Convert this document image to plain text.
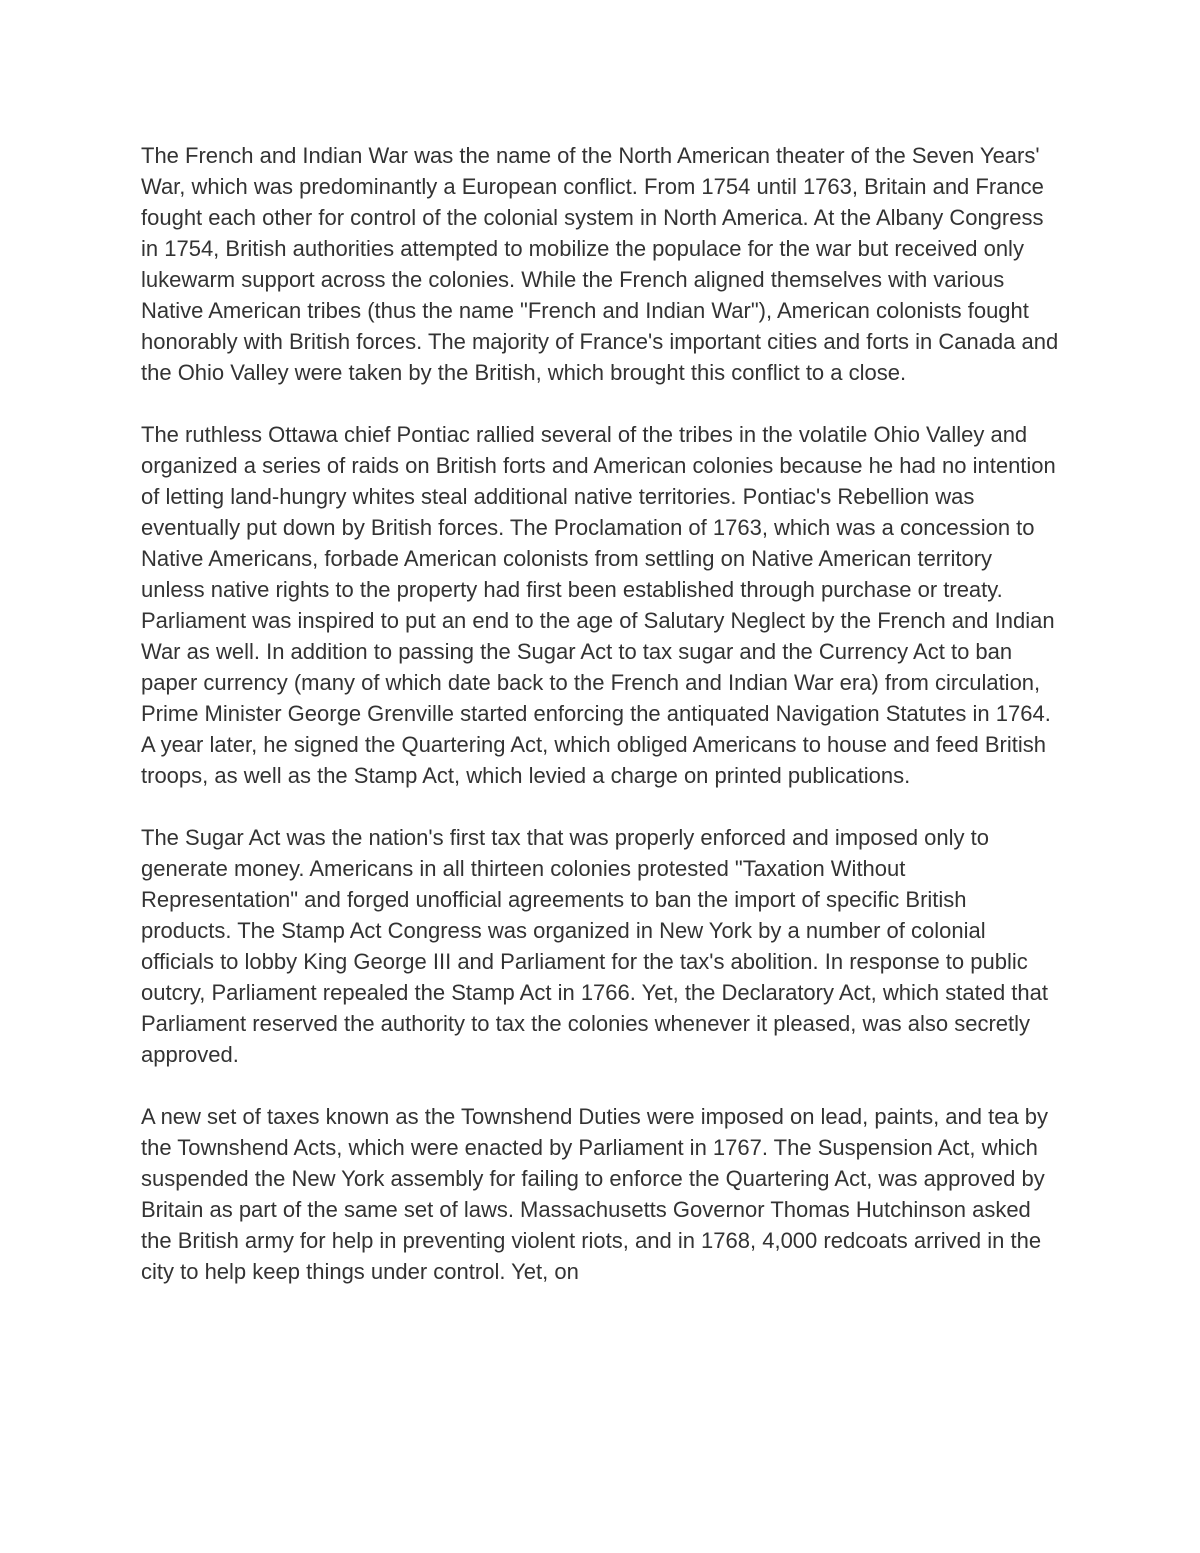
The French and Indian War was the name of the North American theater of the Seven Years' War, which was predominantly a European conflict. From 1754 until 1763, Britain and France fought each other for control of the colonial system in North America. At the Albany Congress in 1754, British authorities attempted to mobilize the populace for the war but received only lukewarm support across the colonies. While the French aligned themselves with various Native American tribes (thus the name "French and Indian War"), American colonists fought honorably with British forces. The majority of France's important cities and forts in Canada and the Ohio Valley were taken by the British, which brought this conflict to a close.

The ruthless Ottawa chief Pontiac rallied several of the tribes in the volatile Ohio Valley and organized a series of raids on British forts and American colonies because he had no intention of letting land-hungry whites steal additional native territories. Pontiac's Rebellion was eventually put down by British forces. The Proclamation of 1763, which was a concession to Native Americans, forbade American colonists from settling on Native American territory unless native rights to the property had first been established through purchase or treaty.

Parliament was inspired to put an end to the age of Salutary Neglect by the French and Indian War as well. In addition to passing the Sugar Act to tax sugar and the Currency Act to ban paper currency (many of which date back to the French and Indian War era) from circulation, Prime Minister George Grenville started enforcing the antiquated Navigation Statutes in 1764. A year later, he signed the Quartering Act, which obliged Americans to house and feed British troops, as well as the Stamp Act, which levied a charge on printed publications.

The Sugar Act was the nation's first tax that was properly enforced and imposed only to generate money. Americans in all thirteen colonies protested "Taxation Without Representation" and forged unofficial agreements to ban the import of specific British products. The Stamp Act Congress was organized in New York by a number of colonial officials to lobby King George III and Parliament for the tax's abolition. In response to public outcry, Parliament repealed the Stamp Act in 1766. Yet, the Declaratory Act, which stated that Parliament reserved the authority to tax the colonies whenever it pleased, was also secretly approved.

A new set of taxes known as the Townshend Duties were imposed on lead, paints, and tea by the Townshend Acts, which were enacted by Parliament in 1767. The Suspension Act, which suspended the New York assembly for failing to enforce the Quartering Act, was approved by Britain as part of the same set of laws. Massachusetts Governor Thomas Hutchinson asked the British army for help in preventing violent riots, and in 1768, 4,000 redcoats arrived in the city to help keep things under control. Yet, on
